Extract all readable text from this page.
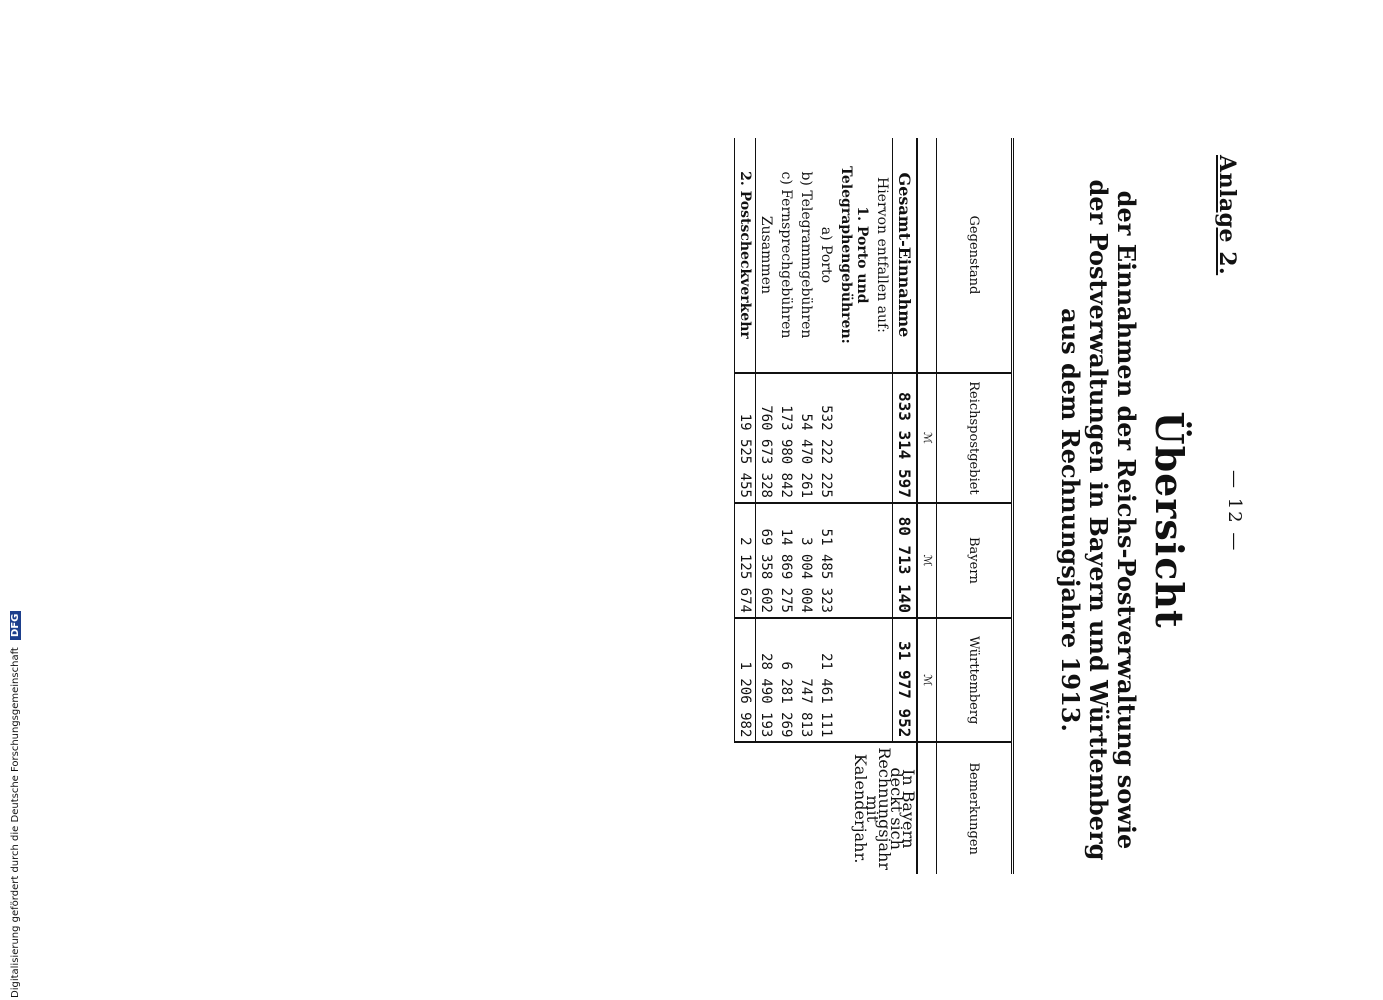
Anlage 2.
— 12 —
Übersicht
der Einnahmen der Reichs-Postverwaltung sowie
der Postverwaltungen in Bayern und Württemberg
aus dem Rechnungsjahre 1913.
Gegenstand	Reichspostgebiet	Bayern	Württemberg	Bemerkungen
	ℳ	ℳ	ℳ	
Gesamt-Einnahme	833 314 597	80 713 140	31 977 952	In Bayern deckt sich Rechnungsjahr mit Kalenderjahr.
Hiervon entfallen auf:				
1. Porto und Telegraphengebühren:				
a) Porto	532 222 225	51 485 323	21 461 111	
b) Telegrammgebühren	54 470 261	3 004 004	747 813	
c) Fernsprechgebühren	173 980 842	14 869 275	6 281 269	
Zusammen	760 673 328	69 358 602	28 490 193	
2. Postscheckverkehr	19 525 455	2 125 674	1 206 982	
Digitalisierung gefördert durch die Deutsche Forschungsgemeinschaft DFG
